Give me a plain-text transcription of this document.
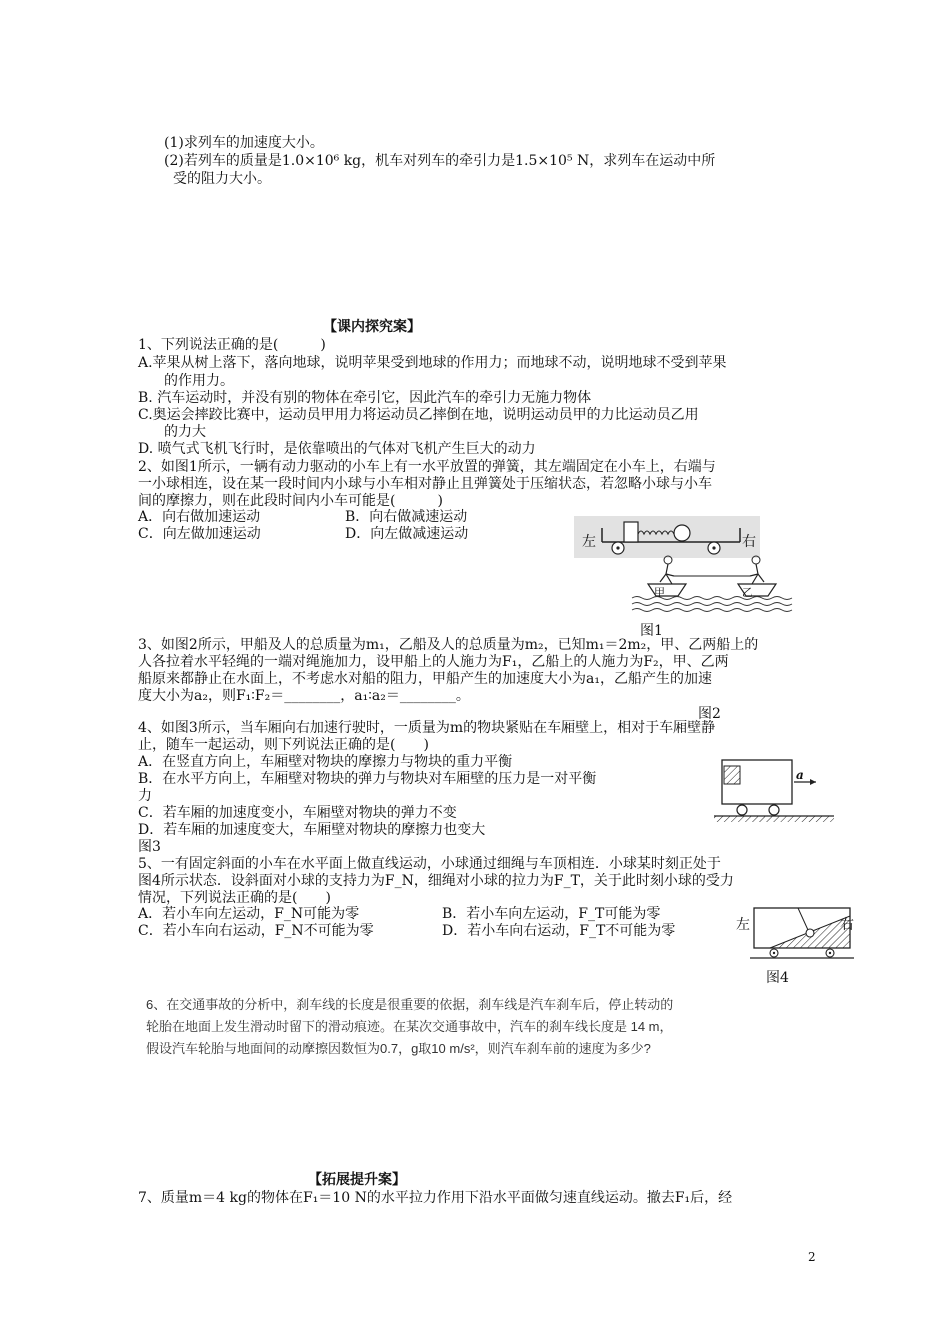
(1)求列车的加速度大小。
(2)若列车的质量是1.0×10⁶ kg，机车对列车的牵引力是1.5×10⁵ N，求列车在运动中所
受的阻力大小。
【课内探究案】
1、下列说法正确的是(　　　)
A.苹果从树上落下，落向地球，说明苹果受到地球的作用力；而地球不动，说明地球不受到苹果
的作用力。
B. 汽车运动时，并没有别的物体在牵引它，因此汽车的牵引力无施力物体
C.奥运会摔跤比赛中，运动员甲用力将运动员乙摔倒在地，说明运动员甲的力比运动员乙用
的力大
D. 喷气式飞机飞行时，是依靠喷出的气体对飞机产生巨大的动力
2、如图1所示，一辆有动力驱动的小车上有一水平放置的弹簧，其左端固定在小车上，右端与
一小球相连，设在某一段时间内小球与小车相对静止且弹簧处于压缩状态，若忽略小球与小车
间的摩擦力，则在此段时间内小车可能是(　　　)
A．向右做加速运动	B．向右做减速运动
C．向左做加速运动	D．向左做减速运动	左	右
甲	乙
图1
3、如图2所示，甲船及人的总质量为m₁，乙船及人的总质量为m₂，已知m₁＝2m₂，甲、乙两船上的
人各拉着水平轻绳的一端对绳施加力，设甲船上的人施力为F₁，乙船上的人施力为F₂，甲、乙两
船原来都静止在水面上，不考虑水对船的阻力，甲船产生的加速度大小为a₁，乙船产生的加速
度大小为a₂，则F₁∶F₂＝________，a₁∶a₂＝________。
图2
4、如图3所示，当车厢向右加速行驶时，一质量为m的物块紧贴在车厢壁上，相对于车厢壁静
止，随车一起运动，则下列说法正确的是(　　)
A．在竖直方向上，车厢壁对物块的摩擦力与物块的重力平衡
B．在水平方向上，车厢壁对物块的弹力与物块对车厢壁的压力是一对平衡
力
C．若车厢的加速度变小，车厢壁对物块的弹力不变
D．若车厢的加速度变大，车厢壁对物块的摩擦力也变大
图3
a
5、一有固定斜面的小车在水平面上做直线运动，小球通过细绳与车顶相连．小球某时刻正处于
图4所示状态．设斜面对小球的支持力为F_N，细绳对小球的拉力为F_T，关于此时刻小球的受力
情况，下列说法正确的是(　　)
A．若小车向左运动，F_N可能为零	B．若小车向左运动，F_T可能为零
C．若小车向右运动，F_N不可能为零	D．若小车向右运动，F_T不可能为零	左	右
图4
6、在交通事故的分析中，刹车线的长度是很重要的依据，刹车线是汽车刹车后，停止转动的
轮胎在地面上发生滑动时留下的滑动痕迹。在某次交通事故中，汽车的刹车线长度是 14 m，
假设汽车轮胎与地面间的动摩擦因数恒为0.7，g取10 m/s²，则汽车刹车前的速度为多少?
【拓展提升案】
7、质量m＝4 kg的物体在F₁＝10 N的水平拉力作用下沿水平面做匀速直线运动。撤去F₁后，经
2
